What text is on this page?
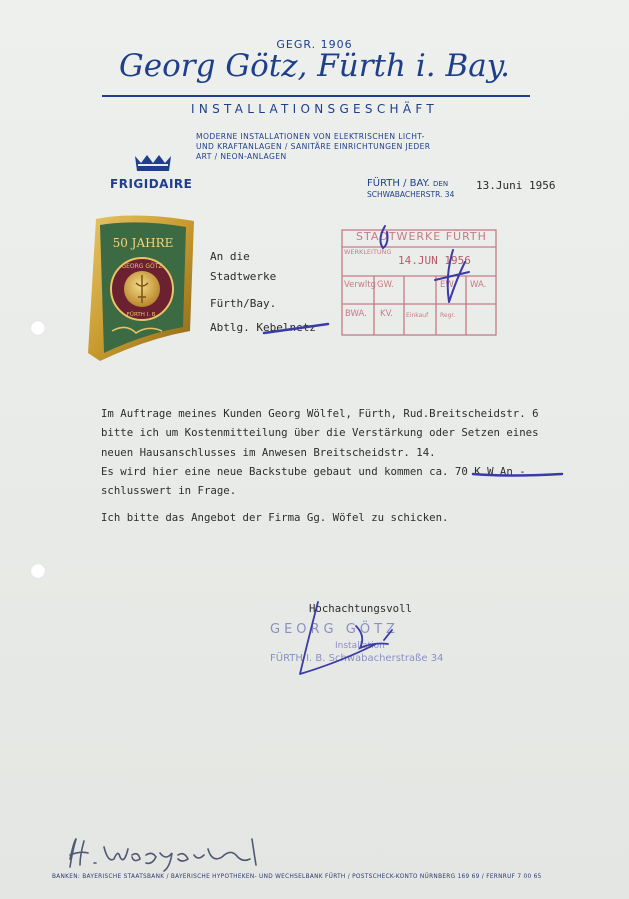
GEGR. 1906
Georg Götz, Fürth i. Bay.
INSTALLATIONSGESCHÄFT
MODERNE INSTALLATIONEN VON ELEKTRISCHEN LICHT-
UND KRAFTANLAGEN / SANITÄRE EINRICHTUNGEN JEDER
ART / NEON-ANLAGEN
FRIGIDAIRE	FÜRTH / BAY. DEN
SCHWABACHERSTR. 34
13.Juni 1956
50 JAHRE
GEORG GÖTZ
FÜRTH I. B.
An die
Stadtwerke
Fürth/Bay.
Abtlg. Kebelnetz
STADTWERKE FÜRTH
WERKLEITUNG
14.JUN 1956
Verwltg GW.	EW. WA.
BWA. KV. Einkauf Regr.
Im Auftrage meines Kunden Georg Wölfel, Fürth, Rud.Breitscheidstr. 6
bitte ich um Kostenmitteilung über die Verstärkung oder Setzen eines
neuen Hausanschlusses im Anwesen Breitscheidstr. 14.
Es wird hier eine neue Backstube gebaut und kommen ca. 70 K W An -
schlusswert in Frage.
Ich bitte das Angebot der Firma Gg. Wöfel zu schicken.
Hochachtungsvoll
GEORG GÖTZ
Installation
FÜRTH I. B. Schwabacherstraße 34
BANKEN: BAYERISCHE STAATSBANK / BAYERISCHE HYPOTHEKEN- UND WECHSELBANK FÜRTH / POSTSCHECK-KONTO NÜRNBERG 169 69 / FERNRUF 7 00 65
